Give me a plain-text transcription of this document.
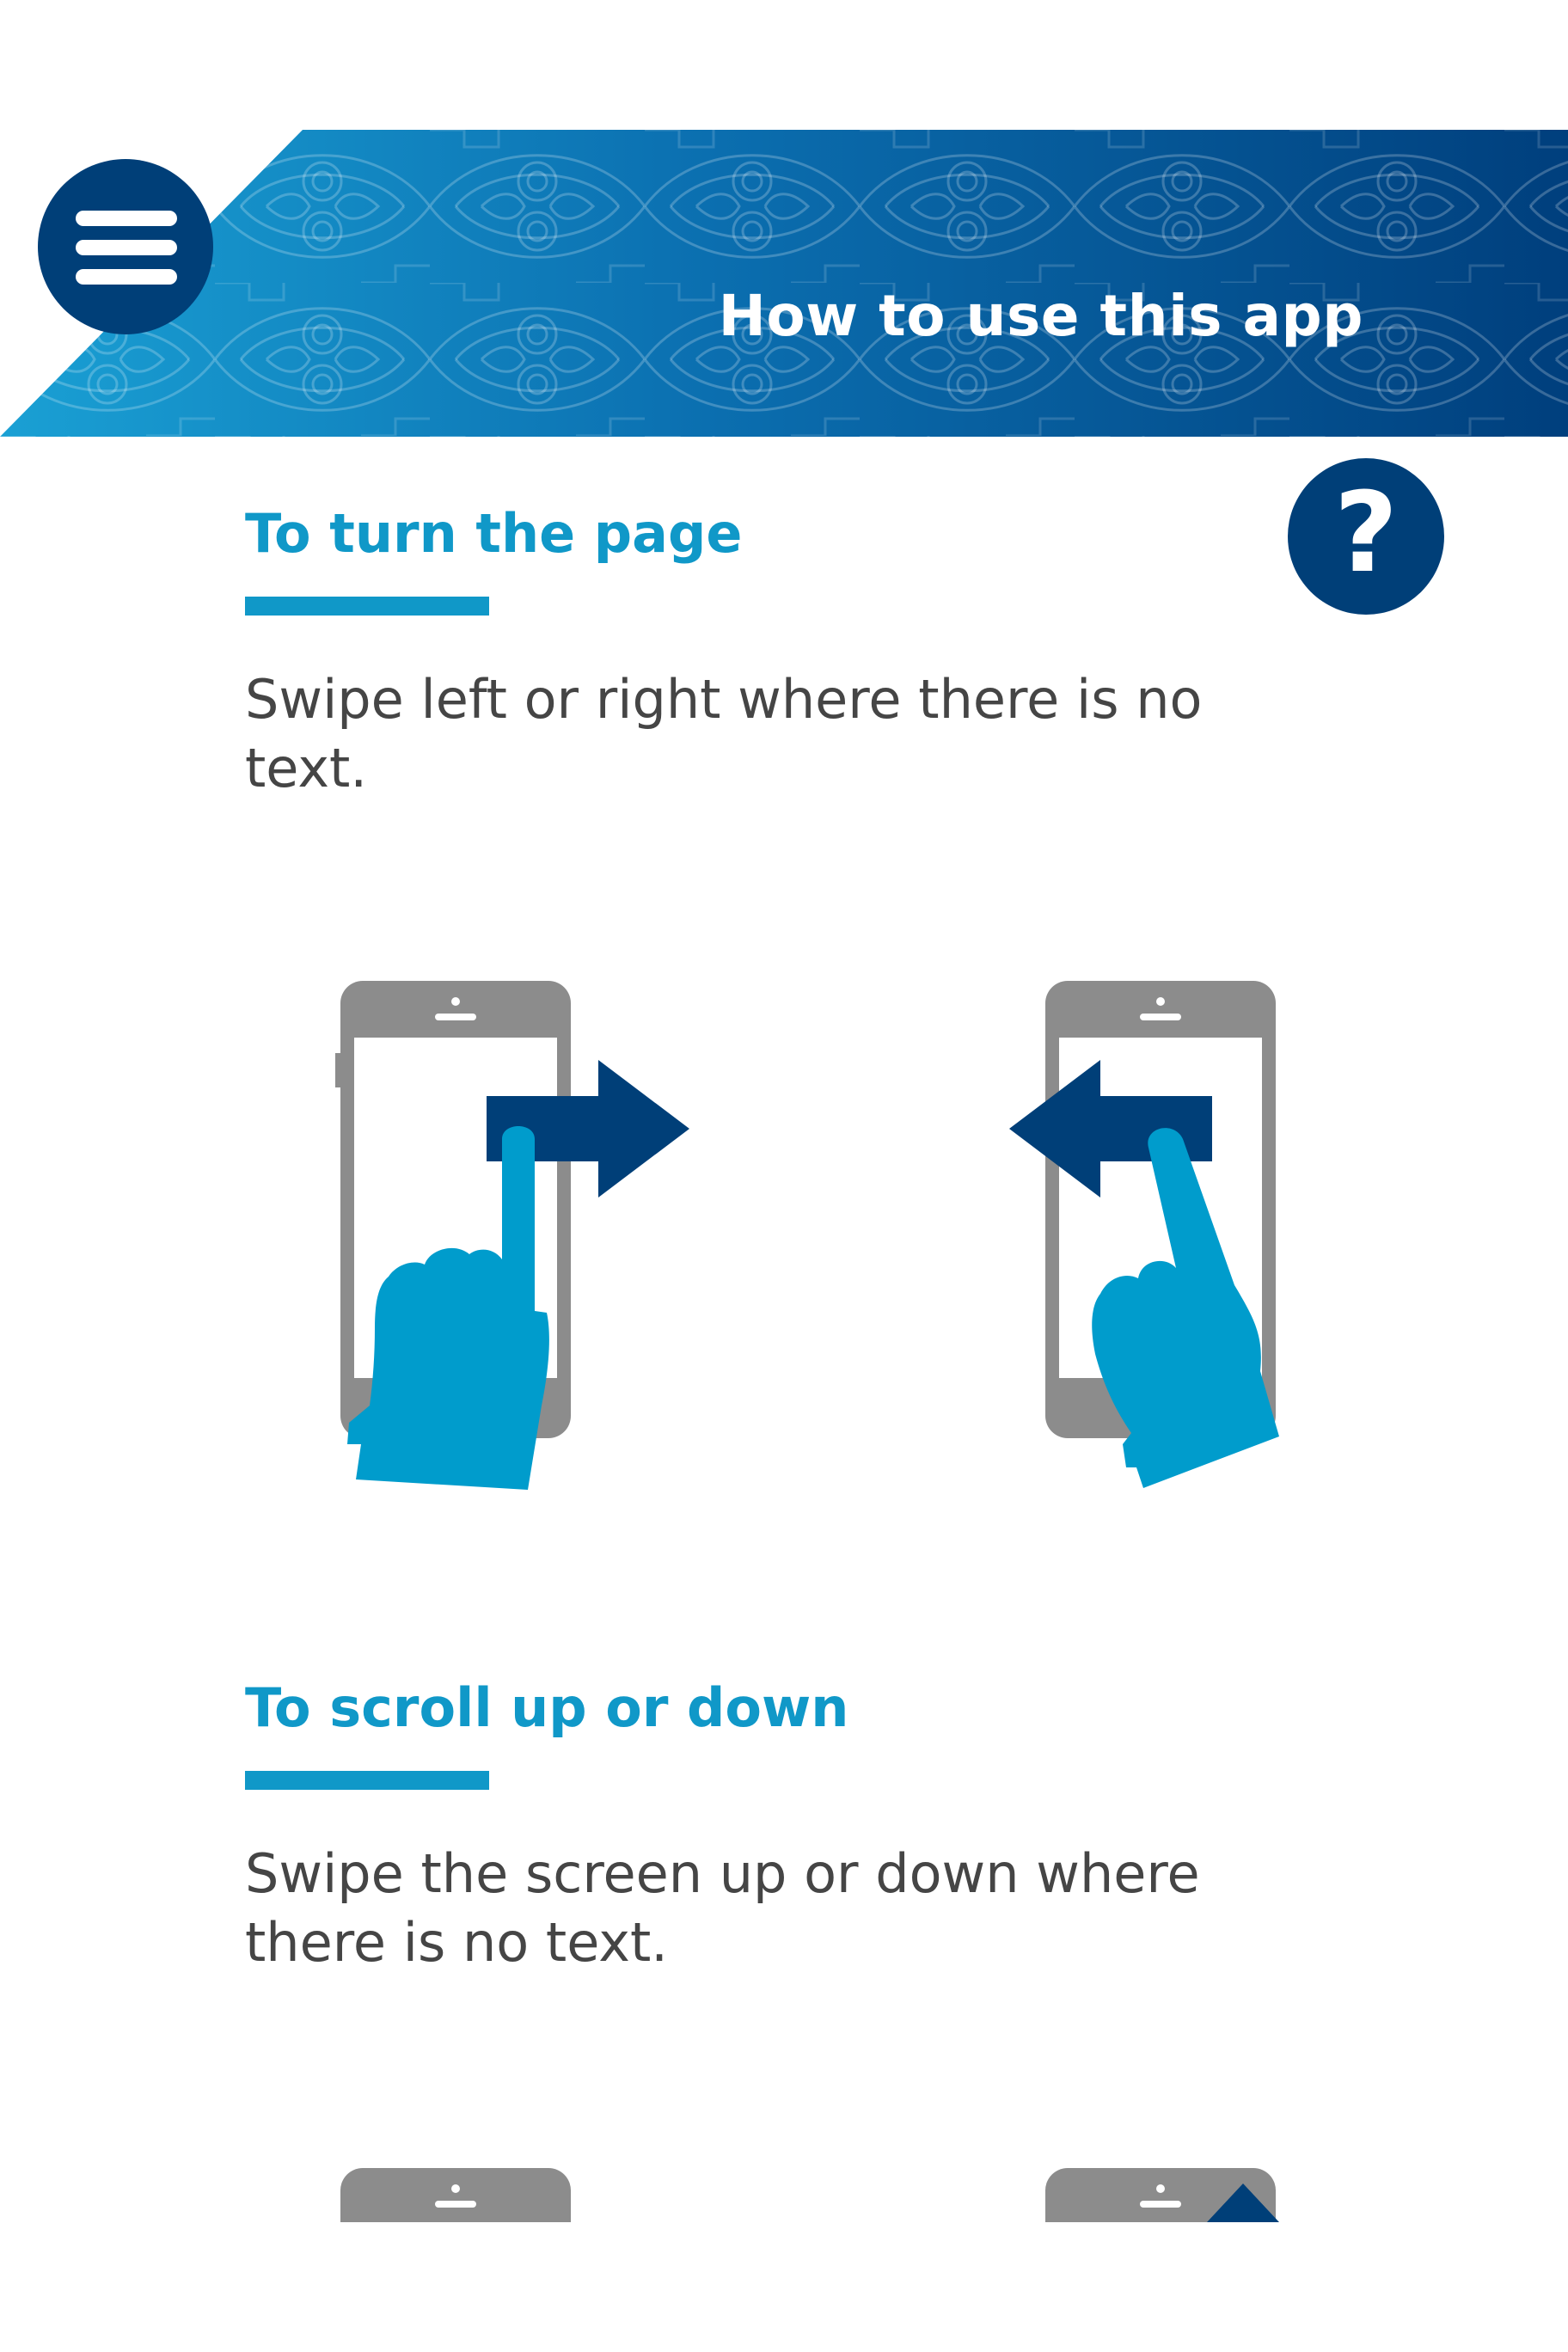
How to use this app
?
To turn the page
Swipe left or right where there is no text.
To scroll up or down
Swipe the screen up or down where there is no text.
